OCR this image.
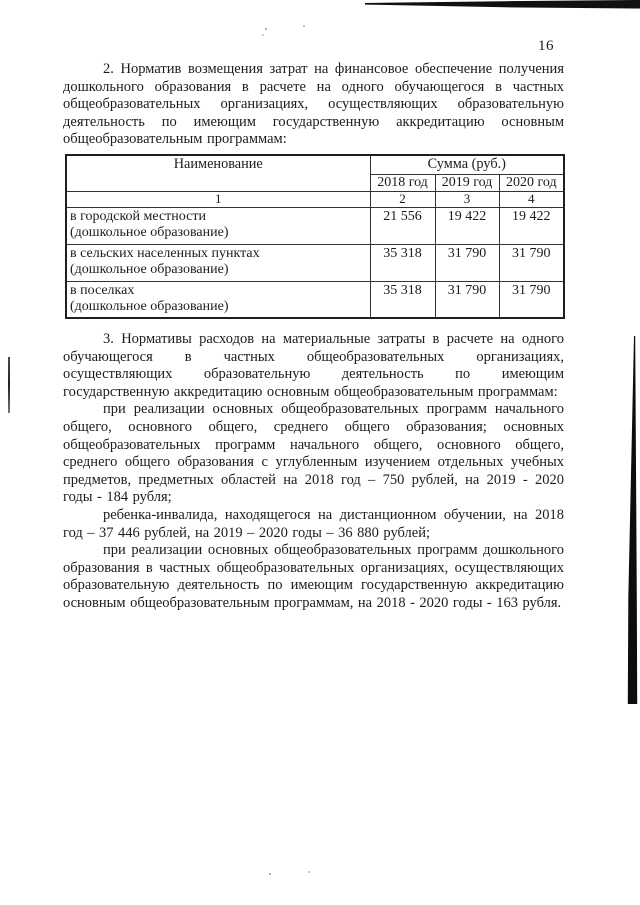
16

2. Норматив возмещения затрат на финансовое обеспечение получения дошкольного образования в расчете на одного обучающегося в частных общеобразовательных организациях, осуществляющих образовательную деятельность по имеющим государственную аккредитацию основным общеобразовательным программам:

Наименование	Сумма (руб.)		
	2018 год	2019 год	2020 год
1	2	3	4

в городской местности
(дошкольное образование)	21 556	19 422	19 422

в сельских населенных пунктах
(дошкольное образование)	35 318	31 790	31 790

в поселках
(дошкольное образование)	35 318	31 790	31 790

3. Нормативы расходов на материальные затраты в расчете на одного обучающегося в частных общеобразовательных организациях, осуществляющих образовательную деятельность по имеющим государственную аккредитацию основным общеобразовательным программам:

при реализации основных общеобразовательных программ начального общего, основного общего, среднего общего образования; основных общеобразовательных программ начального общего, основного общего, среднего общего образования с углубленным изучением отдельных учебных предметов, предметных областей на 2018 год – 750 рублей, на 2019 - 2020 годы - 184 рубля;

ребенка-инвалида, находящегося на дистанционном обучении, на 2018 год – 37 446 рублей, на 2019 – 2020 годы – 36 880 рублей;

при реализации основных общеобразовательных программ дошкольного образования в частных общеобразовательных организациях, осуществляющих образовательную деятельность по имеющим государственную аккредитацию основным общеобразовательным программам, на 2018 - 2020 годы - 163 рубля.
